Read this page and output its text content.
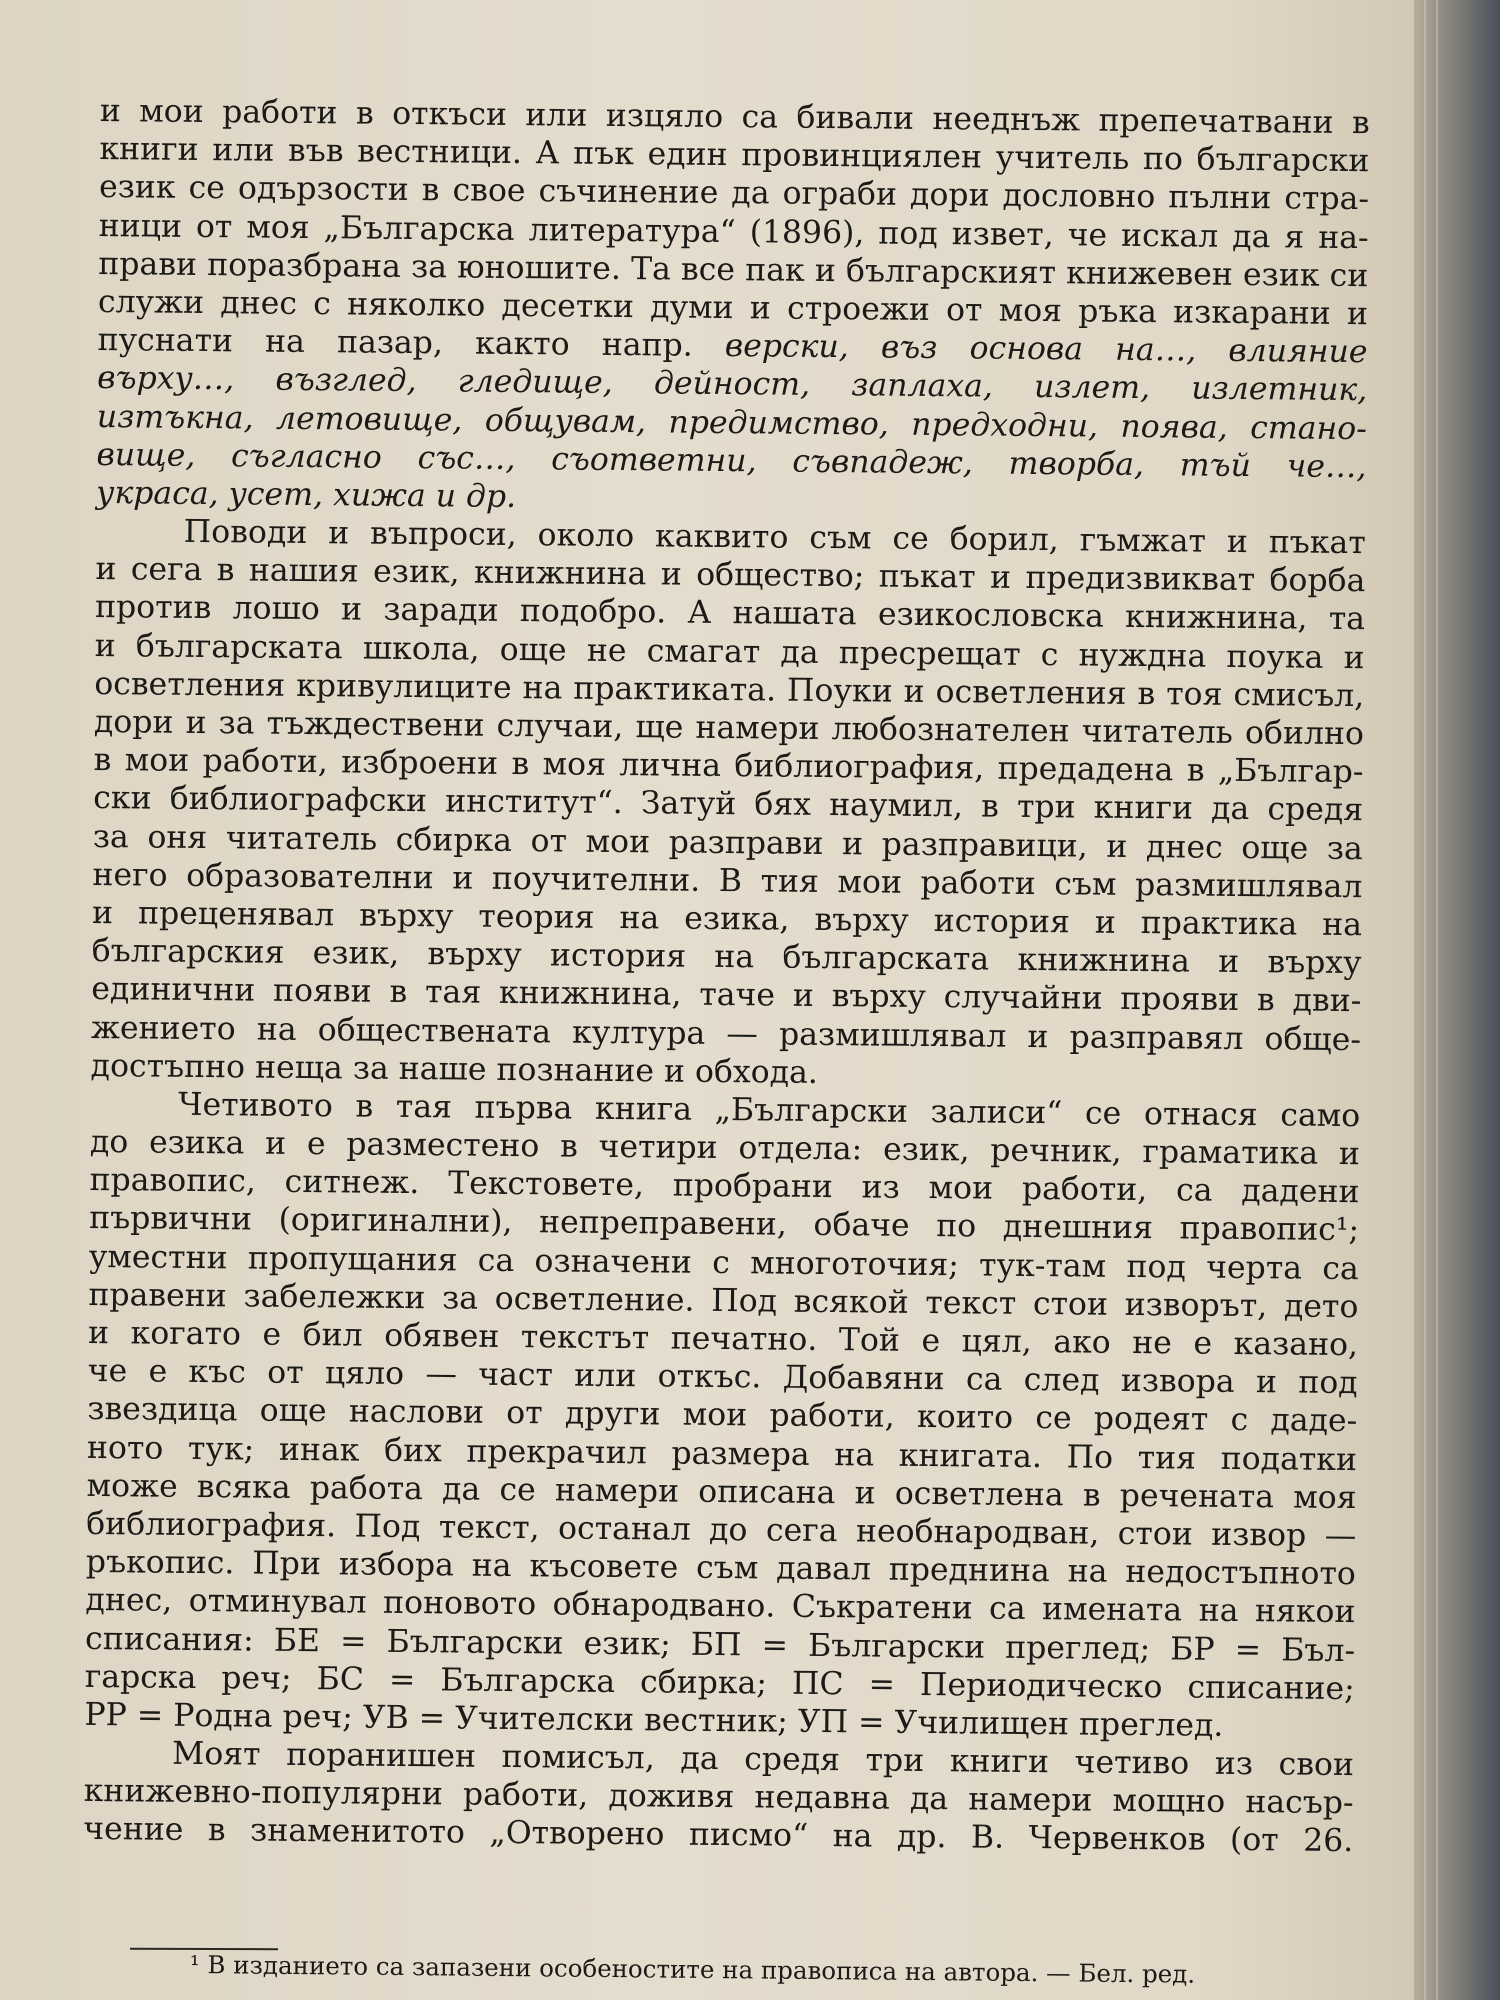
и мои работи в откъси или изцяло са бивали нееднъж препечатвани в
книги или във вестници. А пък един провинциялен учитель по български
език се одързости в свое съчинение да ограби дори дословно пълни стра-
ници от моя „Българска литература“ (1896), под извет, че искал да я на-
прави поразбрана за юношите. Та все пак и българският книжевен език си
служи днес с няколко десетки думи и строежи от моя ръка изкарани и
пуснати на пазар, както напр. верски, въз основа на…, влияние
върху…, възглед, гледище, дейност, заплаха, излет, излетник,
изтъкна, летовище, общувам, предимство, предходни, поява, стано-
вище, съгласно със…, съответни, съвпадеж, творба, тъй че…,
украса, усет, хижа и др.
Поводи и въпроси, около каквито съм се борил, гъмжат и пъкат
и сега в нашия език, книжнина и общество; пъкат и предизвикват борба
против лошо и заради подобро. А нашата езикословска книжнина, та
и българската школа, още не смагат да пресрещат с нуждна поука и
осветления кривулиците на практиката. Поуки и осветления в тоя смисъл,
дори и за тъждествени случаи, ще намери любознателен читатель обилно
в мои работи, изброени в моя лична библиография, предадена в „Българ-
ски библиографски институт“. Затуй бях наумил, в три книги да средя
за оня читатель сбирка от мои разправи и разправици, и днес още за
него образователни и поучителни. В тия мои работи съм размишлявал
и преценявал върху теория на езика, върху история и практика на
българския език, върху история на българската книжнина и върху
единични появи в тая книжнина, таче и върху случайни прояви в дви-
жението на обществената култура — размишлявал и разправял обще-
достъпно неща за наше познание и обхода.
Четивото в тая първа книга „Български залиси“ се отнася само
до езика и е разместено в четири отдела: език, речник, граматика и
правопис, ситнеж. Текстовете, пробрани из мои работи, са дадени
първични (оригинални), непреправени, обаче по днешния правопис¹;
уместни пропущания са означени с многоточия; тук-там под черта са
правени забележки за осветление. Под всякой текст стои изворът, дето
и когато е бил обявен текстът печатно. Той е цял, ако не е казано,
че е къс от цяло — част или откъс. Добавяни са след извора и под
звездица още наслови от други мои работи, които се родеят с даде-
ното тук; инак бих прекрачил размера на книгата. По тия податки
може всяка работа да се намери описана и осветлена в речената моя
библиография. Под текст, останал до сега необнародван, стои извор —
ръкопис. При избора на късовете съм давал преднина на недостъпното
днес, отминувал поновото обнародвано. Съкратени са имената на някои
списания: БЕ = Български език; БП = Български преглед; БР = Бъл-
гарска реч; БС = Българска сбирка; ПС = Периодическо списание;
РР = Родна реч; УВ = Учителски вестник; УП = Училищен преглед.
Моят поранишен помисъл, да средя три книги четиво из свои
книжевно-популярни работи, доживя недавна да намери мощно насър-
чение в знаменитото „Отворено писмо“ на др. В. Червенков (от 26.
¹ В изданието са запазени особеностите на правописа на автора. — Бел. ред.
